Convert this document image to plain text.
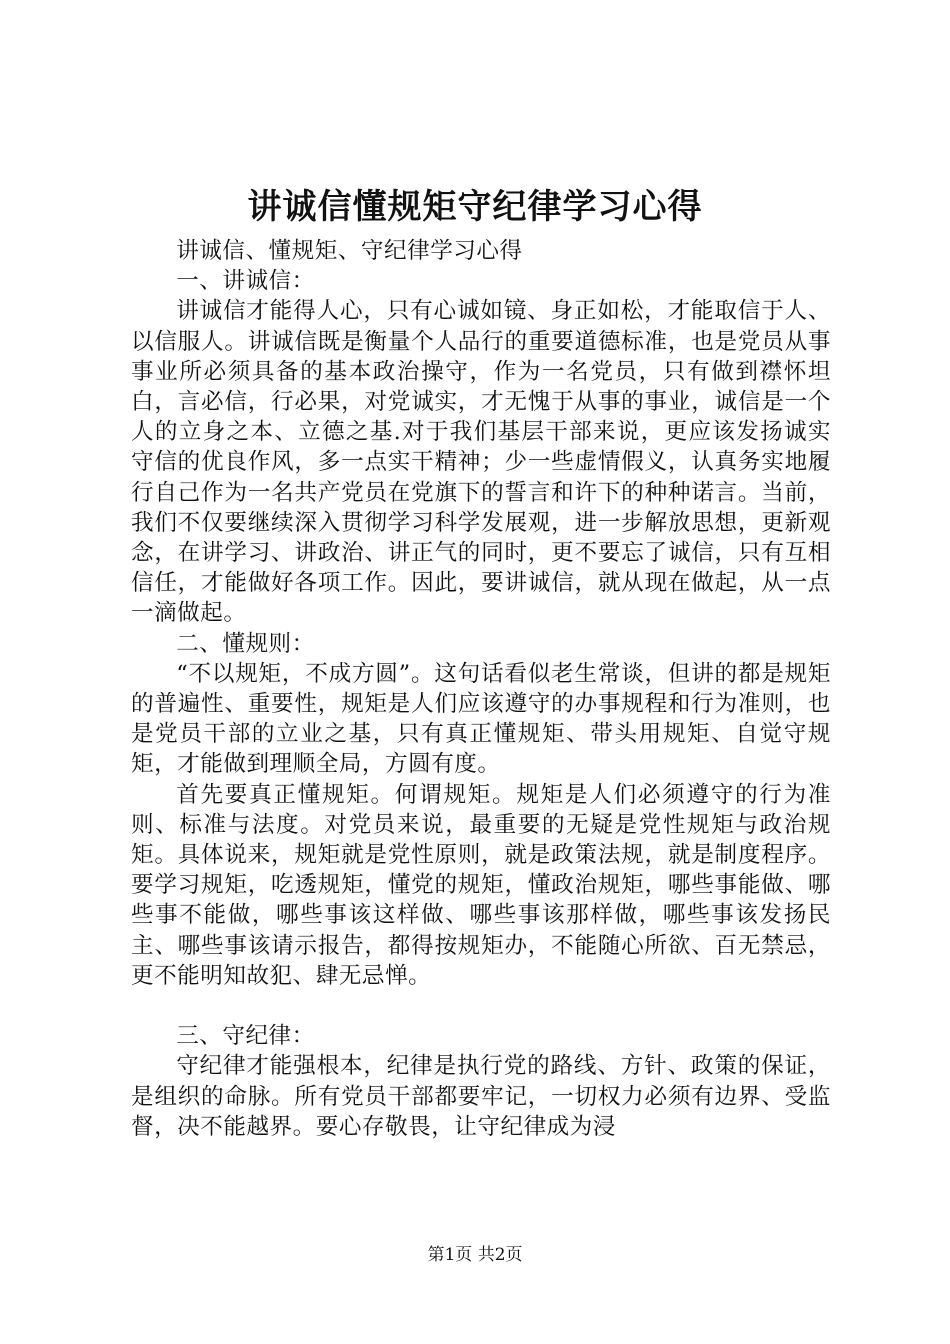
讲诚信懂规矩守纪律学习心得

讲诚信、懂规矩、守纪律学习心得

一、讲诚信：

讲诚信才能得人心，只有心诚如镜、身正如松，才能取信于人、以信服人。讲诚信既是衡量个人品行的重要道德标准，也是党员从事事业所必须具备的基本政治操守，作为一名党员，只有做到襟怀坦白，言必信，行必果，对党诚实，才无愧于从事的事业，诚信是一个人的立身之本、立德之基.对于我们基层干部来说，更应该发扬诚实守信的优良作风，多一点实干精神；少一些虚情假义，认真务实地履行自己作为一名共产党员在党旗下的誓言和许下的种种诺言。当前，我们不仅要继续深入贯彻学习科学发展观，进一步解放思想，更新观念，在讲学习、讲政治、讲正气的同时，更不要忘了诚信，只有互相信任，才能做好各项工作。因此，要讲诚信，就从现在做起，从一点一滴做起。

二、懂规则：

“不以规矩，不成方圆”。这句话看似老生常谈，但讲的都是规矩的普遍性、重要性，规矩是人们应该遵守的办事规程和行为准则，也是党员干部的立业之基，只有真正懂规矩、带头用规矩、自觉守规矩，才能做到理顺全局，方圆有度。

首先要真正懂规矩。何谓规矩。规矩是人们必须遵守的行为准则、标准与法度。对党员来说，最重要的无疑是党性规矩与政治规矩。具体说来，规矩就是党性原则，就是政策法规，就是制度程序。要学习规矩，吃透规矩，懂党的规矩，懂政治规矩，哪些事能做、哪些事不能做，哪些事该这样做、哪些事该那样做，哪些事该发扬民主、哪些事该请示报告，都得按规矩办，不能随心所欲、百无禁忌，更不能明知故犯、肆无忌惮。

三、守纪律：

守纪律才能强根本，纪律是执行党的路线、方针、政策的保证，是组织的命脉。所有党员干部都要牢记，一切权力必须有边界、受监督，决不能越界。要心存敬畏，让守纪律成为浸

第1页 共2页
